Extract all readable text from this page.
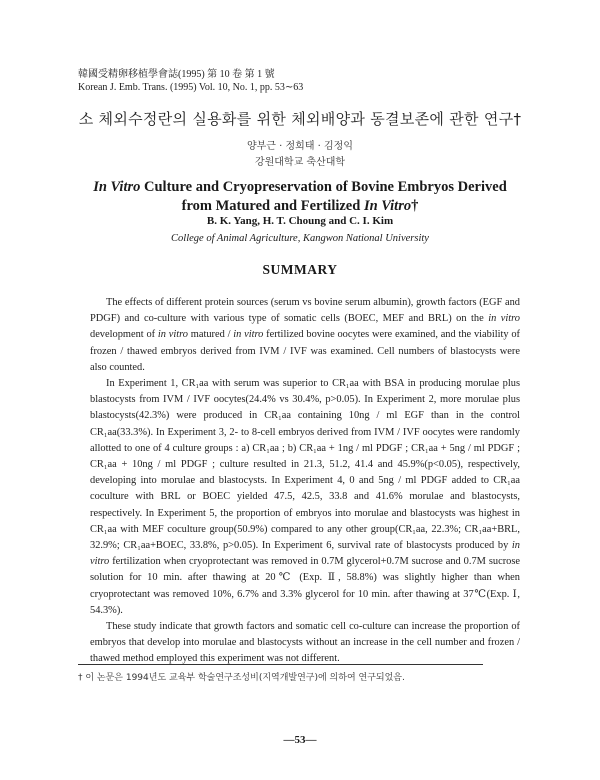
韓國受精卵移植學會誌(1995) 第 10 卷 第 1 號
Korean J. Emb. Trans. (1995) Vol. 10, No. 1, pp. 53∼63
소 체외수정란의 실용화를 위한 체외배양과 동결보존에 관한 연구†
양부근 · 정희태 · 김정익
강원대학교 축산대학
In Vitro Culture and Cryopreservation of Bovine Embryos Derived
from Matured and Fertilized In Vitro†
B. K. Yang, H. T. Choung and C. I. Kim
College of Animal Agriculture, Kangwon National University
SUMMARY

The effects of different protein sources (serum vs bovine serum albumin), growth factors (EGF and PDGF) and co-culture with various type of somatic cells (BOEC, MEF and BRL) on the in vitro development of in vitro matured / in vitro fertilized bovine oocytes were examined, and the viability of frozen / thawed embryos derived from IVM / IVF was examined. Cell numbers of blastocysts were also counted.

In Experiment 1, CR₁aa with serum was superior to CR₁aa with BSA in producing morulae plus blastocysts from IVM / IVF oocytes(24.4% vs 30.4%, p>0.05). In Experiment 2, more morulae plus blastocysts(42.3%) were produced in CR₁aa containing 10ng / ml EGF than in the control CR₁aa(33.3%). In Experiment 3, 2- to 8-cell embryos derived from IVM / IVF oocytes were randomly allotted to one of 4 culture groups : a) CR₁aa ; b) CR₁aa + 1ng / ml PDGF ; CR₁aa + 5ng / ml PDGF ; CR₁aa + 10ng / ml PDGF ; culture resulted in 21.3, 51.2, 41.4 and 45.9%(p<0.05), respectively, developing into morulae and blastocysts. In Experiment 4, 0 and 5ng / ml PDGF added to CR₁aa coculture with BRL or BOEC yielded 47.5, 42.5, 33.8 and 41.6% morulae and blastocysts, respectively. In Experiment 5, the proportion of embryos into morulae and blastocysts was highest in CR₁aa with MEF coculture group(50.9%) compared to any other group(CR₁aa, 22.3%; CR₁aa+BRL, 32.9%; CR₁aa+BOEC, 33.8%, p>0.05). In Experiment 6, survival rate of blastocysts produced by in vitro fertilization when cryoprotectant was removed in 0.7M glycerol+0.7M sucrose and 0.7M sucrose solution for 10 min. after thawing at 20℃ (Exp. Ⅱ, 58.8%) was slightly higher than when cryoprotectant was removed 10%, 6.7% and 3.3% glycerol for 10 min. after thawing at 37℃(Exp. Ⅰ, 54.3%).

These study indicate that growth factors and somatic cell co-culture can increase the proportion of embryos that develop into morulae and blastocysts without an increase in the cell number and frozen / thawed method employed this experiment was not different.

† 이 논문은 1994년도 교육부 학술연구조성비(지역개발연구)에 의하여 연구되었음.
—53—
